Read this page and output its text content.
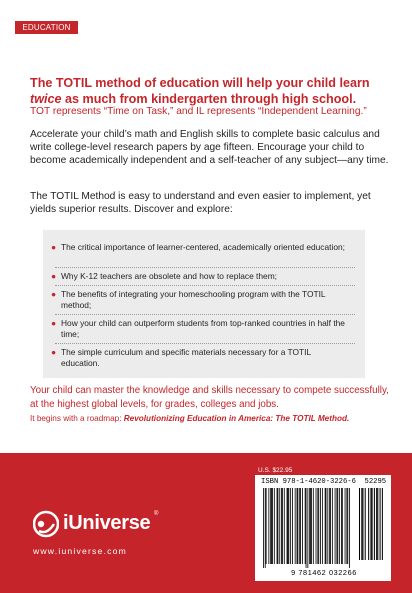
EDUCATION
The TOTIL method of education will help your child learn
twice as much from kindergarten through high school.
TOT represents “Time on Task,” and IL represents “Independent Learning.”

Accelerate your child’s math and English skills to complete basic calculus and write college-level research papers by age fifteen. Encourage your child to become academically independent and a self-teacher of any subject—any time.

The TOTIL Method is easy to understand and even easier to implement, yet yields superior results. Discover and explore:

● The critical importance of learner-centered, academically oriented education;
● Why K-12 teachers are obsolete and how to replace them;
● The benefits of integrating your homeschooling program with the TOTIL method;
● How your child can outperform students from top-ranked countries in half the time;
● The simple curriculum and specific materials necessary for a TOTIL education.

Your child can master the knowledge and skills necessary to compete successfully, at the highest global levels, for grades, colleges and jobs.

It begins with a roadmap: Revolutionizing Education in America: The TOTIL Method.

iUniverse ®
www.iuniverse.com
U.S. $22.95
ISBN 978-1-4620-3226-6 52295
9 781462 032266
